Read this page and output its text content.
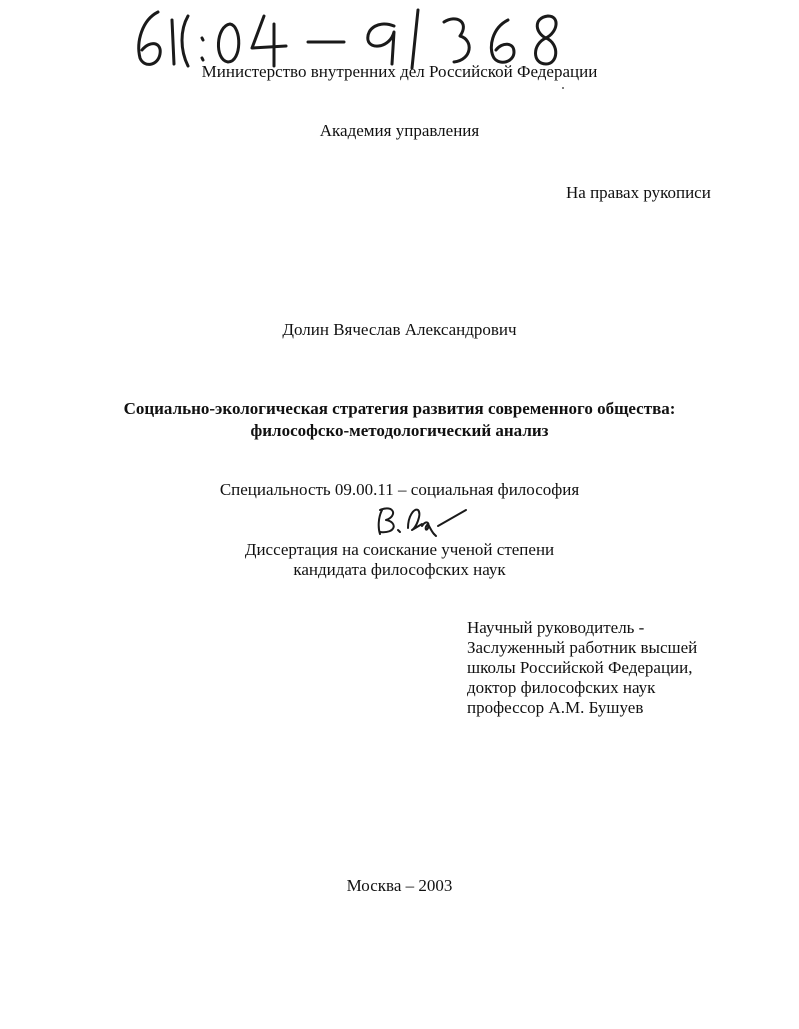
Министерство внутренних дел Российской Федерации
Академия управления
На правах рукописи
Долин Вячеслав Александрович
Социально-экологическая стратегия развития современного общества:
философско-методологический анализ
Специальность 09.00.11 – социальная философия
Диссертация на соискание ученой степени
кандидата философских наук
Научный руководитель -
Заслуженный работник высшей
школы Российской Федерации,
доктор философских наук
профессор А.М. Бушуев
Москва – 2003
